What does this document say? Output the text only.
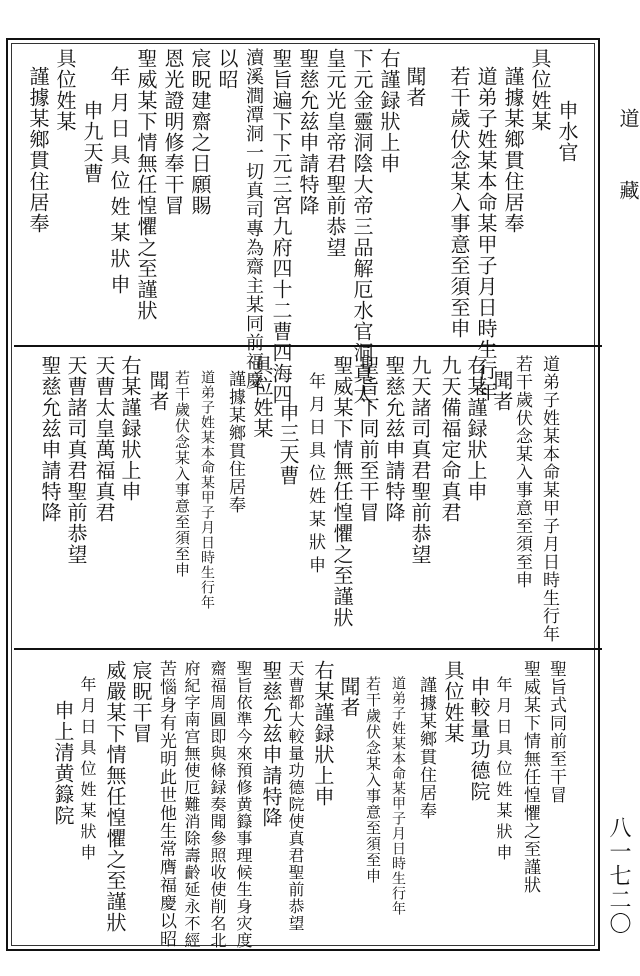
道
藏
申水官
具位姓某
謹據某鄉貫住居奉
道弟子姓某本命某甲子月日時生行年
若干歲伏念某入事意至須至申
聞者
右謹録狀上申
下元金靈洞陰大帝三品解厄水官洞真太
皇元光皇帝君聖前恭望
聖慈允兹申請特降
聖旨遍下下元三宮九府四十二曹四海四
瀆溪澗潭洞一切真司專為齋主某同前福慶
以昭
宸眖建齋之日願賜
恩光證明修奉干冒
聖威某下情無任惶懼之至謹狀
年月日具位姓某狀申
申九天曹
具位姓某
謹據某鄉貫住居奉
道弟子姓某本命某甲子月日時生行年
若干歲伏念某入事意至須至申
聞者
右某謹録狀上申
九天備福定命真君
九天諸司真君聖前恭望
聖慈允兹申請特降
聖旨下同前至干冒
聖威某下情無任惶懼之至謹狀
年月日具位姓某狀申
申三天曹
具位姓某
謹據某鄉貫住居奉
道弟子姓某本命某甲子月日時生行年
若干歲伏念某入事意至須至申
聞者
右某謹録狀上申
天曹太皇萬福真君
天曹諸司真君聖前恭望
聖慈允兹申請特降
聖旨式同前至干冒
聖威某下情無任惶懼之至謹狀
年月日具位姓某狀申
申較量功德院
具位姓某
謹據某鄉貫住居奉
道弟子姓某本命某甲子月日時生行年
若干歲伏念某入事意至須至申
聞者
右某謹録狀上申
天曹都大較量功德院使真君聖前恭望
聖慈允兹申請特降
聖旨依準今來預修黄籙事理候生身灾度
齋福周圓即與條録奏聞參照收使削名北
府紀字南宫無使厄難消除壽齡延永不經
苦惱身有光明此世他生常膺福慶以昭
宸眖干冒
威嚴某下情無任惶懼之至謹狀
年月日具位姓某狀申
申上清黄籙院
八一七二〇
